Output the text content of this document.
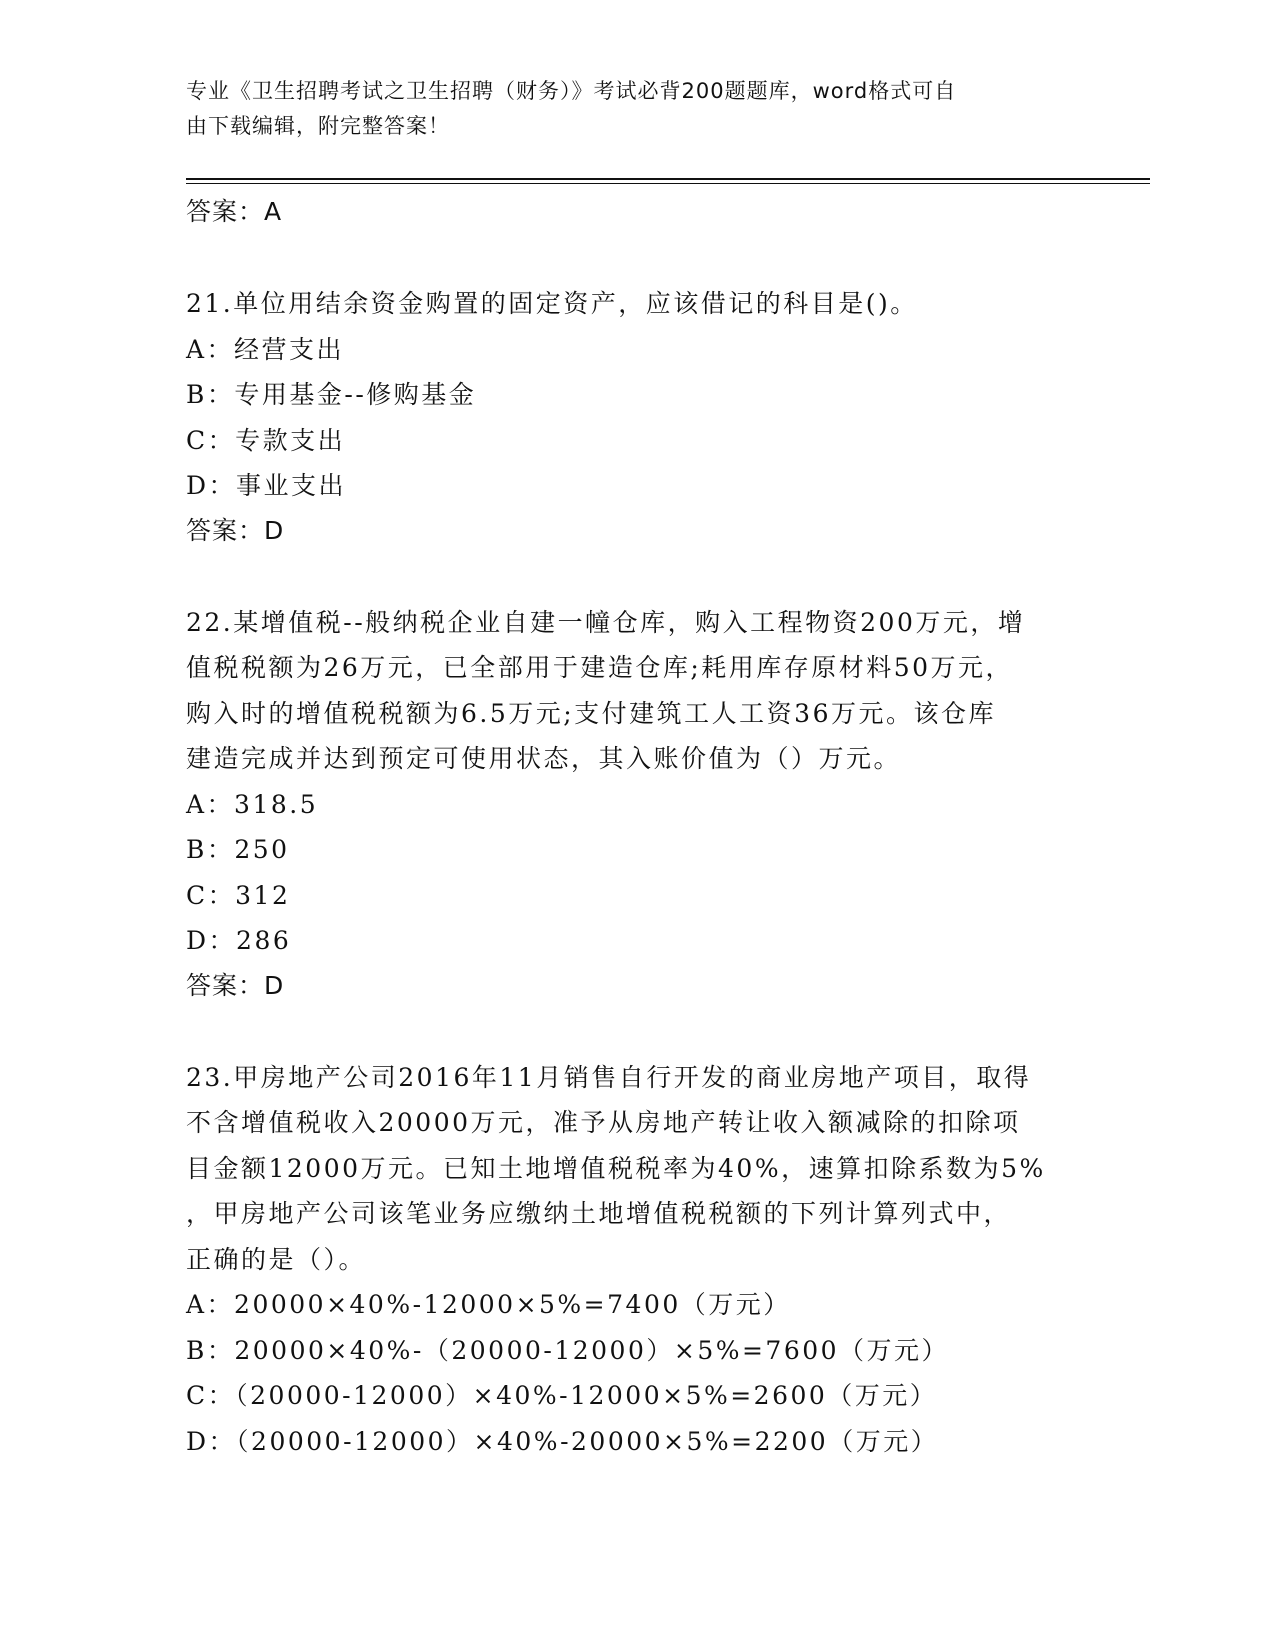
专业《卫生招聘考试之卫生招聘（财务）》考试必背200题题库，word格式可自
由下载编辑，附完整答案！
答案：A
21.单位用结余资金购置的固定资产，应该借记的科目是()。
A：经营支出
B：专用基金--修购基金
C：专款支出
D：事业支出
答案：D
22.某增值税--般纳税企业自建一幢仓库，购入工程物资200万元，增
值税税额为26万元，已全部用于建造仓库;耗用库存原材料50万元，
购入时的增值税税额为6.5万元;支付建筑工人工资36万元。该仓库
建造完成并达到预定可使用状态，其入账价值为（）万元。
A：318.5
B：250
C：312
D：286
答案：D
23.甲房地产公司2016年11月销售自行开发的商业房地产项目，取得
不含增值税收入20000万元，准予从房地产转让收入额减除的扣除项
目金额12000万元。已知土地增值税税率为40%，速算扣除系数为5%
，甲房地产公司该笔业务应缴纳土地增值税税额的下列计算列式中，
正确的是（）。
A：20000×40%-12000×5%=7400（万元）
B：20000×40%-（20000-12000）×5%=7600（万元）
C：（20000-12000）×40%-12000×5%=2600（万元）
D：（20000-12000）×40%-20000×5%=2200（万元）
